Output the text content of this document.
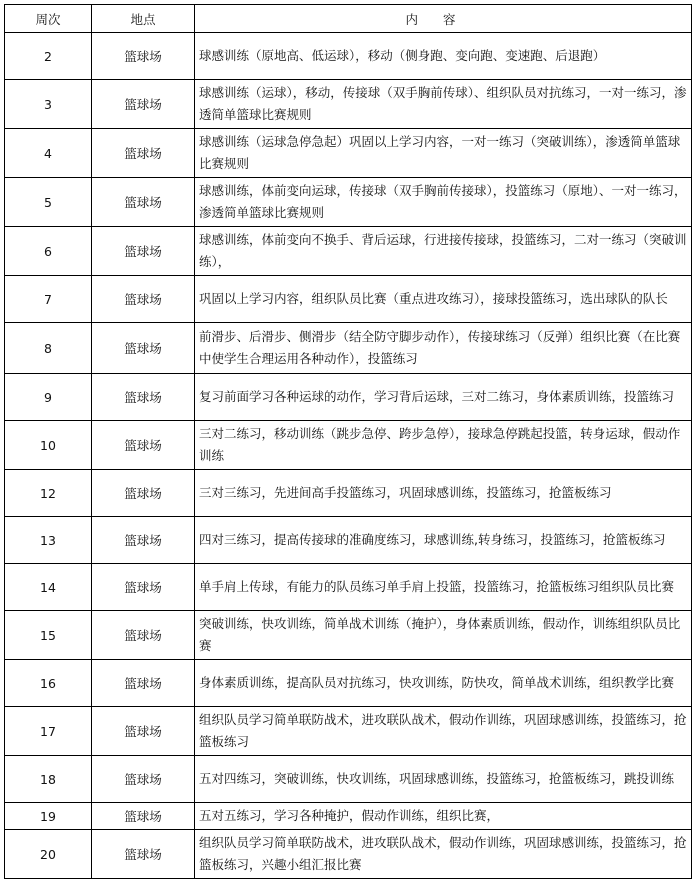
周次	地点	内容
2	篮球场	球感训练（原地高、低运球），移动（侧身跑、变向跑、变速跑、后退跑）
3	篮球场	球感训练（运球），移动，传接球（双手胸前传球）、组织队员对抗练习，一对一练习，渗透简单篮球比赛规则
4	篮球场	球感训练（运球急停急起）巩固以上学习内容，一对一练习（突破训练），渗透简单篮球比赛规则
5	篮球场	球感训练，体前变向运球，传接球（双手胸前传接球），投篮练习（原地）、一对一练习，渗透简单篮球比赛规则
6	篮球场	球感训练，体前变向不换手、背后运球，行进接传接球，投篮练习，二对一练习（突破训练），
7	篮球场	巩固以上学习内容，组织队员比赛（重点进攻练习），接球投篮练习，选出球队的队长
8	篮球场	前滑步、后滑步、侧滑步（结全防守脚步动作），传接球练习（反弹）组织比赛（在比赛中使学生合理运用各种动作），投篮练习
9	篮球场	复习前面学习各种运球的动作，学习背后运球，三对二练习，身体素质训练，投篮练习
10	篮球场	三对二练习，移动训练（跳步急停、跨步急停），接球急停跳起投篮，转身运球，假动作训练
12	篮球场	三对三练习，先进间高手投篮练习，巩固球感训练，投篮练习，抢篮板练习
13	篮球场	四对三练习，提高传接球的准确度练习，球感训练,转身练习，投篮练习，抢篮板练习
14	篮球场	单手肩上传球，有能力的队员练习单手肩上投篮，投篮练习，抢篮板练习组织队员比赛
15	篮球场	突破训练，快攻训练，简单战术训练（掩护），身体素质训练，假动作，训练组织队员比赛
16	篮球场	身体素质训练，提高队员对抗练习，快攻训练，防快攻，简单战术训练，组织教学比赛
17	篮球场	组织队员学习简单联防战术，进攻联队战术，假动作训练，巩固球感训练，投篮练习，抢篮板练习
18	篮球场	五对四练习，突破训练，快攻训练，巩固球感训练，投篮练习，抢篮板练习，跳投训练
19	篮球场	五对五练习，学习各种掩护，假动作训练，组织比赛，
20	篮球场	组织队员学习简单联防战术，进攻联队战术，假动作训练，巩固球感训练，投篮练习，抢篮板练习，兴趣小组汇报比赛
